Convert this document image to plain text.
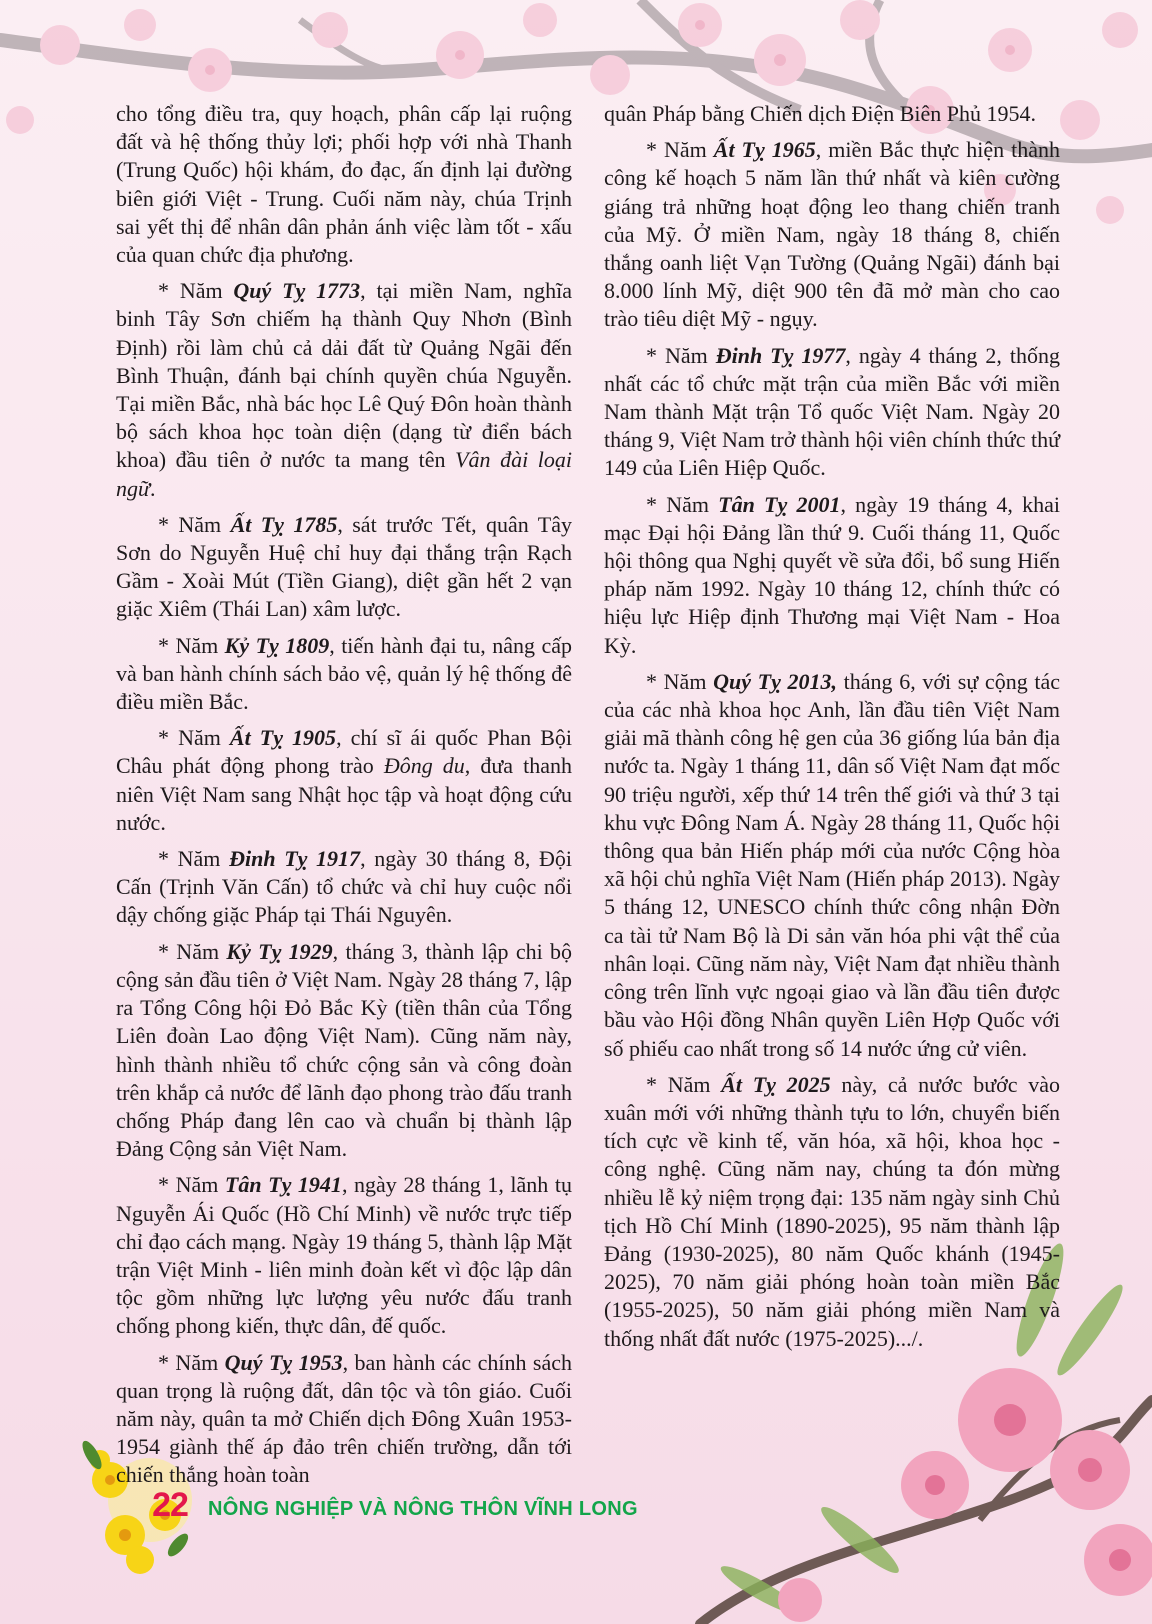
cho tổng điều tra, quy hoạch, phân cấp lại ruộng đất và hệ thống thủy lợi; phối hợp với nhà Thanh (Trung Quốc) hội khám, đo đạc, ấn định lại đường biên giới Việt - Trung. Cuối năm này, chúa Trịnh sai yết thị để nhân dân phản ánh việc làm tốt - xấu của quan chức địa phương.

* Năm Quý Tỵ 1773, tại miền Nam, nghĩa binh Tây Sơn chiếm hạ thành Quy Nhơn (Bình Định) rồi làm chủ cả dải đất từ Quảng Ngãi đến Bình Thuận, đánh bại chính quyền chúa Nguyễn. Tại miền Bắc, nhà bác học Lê Quý Đôn hoàn thành bộ sách khoa học toàn diện (dạng từ điển bách khoa) đầu tiên ở nước ta mang tên Vân đài loại ngữ.

* Năm Ất Tỵ 1785, sát trước Tết, quân Tây Sơn do Nguyễn Huệ chỉ huy đại thắng trận Rạch Gầm - Xoài Mút (Tiền Giang), diệt gần hết 2 vạn giặc Xiêm (Thái Lan) xâm lược.

* Năm Kỷ Tỵ 1809, tiến hành đại tu, nâng cấp và ban hành chính sách bảo vệ, quản lý hệ thống đê điều miền Bắc.

* Năm Ất Tỵ 1905, chí sĩ ái quốc Phan Bội Châu phát động phong trào Đông du, đưa thanh niên Việt Nam sang Nhật học tập và hoạt động cứu nước.

* Năm Đinh Tỵ 1917, ngày 30 tháng 8, Đội Cấn (Trịnh Văn Cấn) tổ chức và chỉ huy cuộc nổi dậy chống giặc Pháp tại Thái Nguyên.

* Năm Kỷ Tỵ 1929, tháng 3, thành lập chi bộ cộng sản đầu tiên ở Việt Nam. Ngày 28 tháng 7, lập ra Tổng Công hội Đỏ Bắc Kỳ (tiền thân của Tổng Liên đoàn Lao động Việt Nam). Cũng năm này, hình thành nhiều tổ chức cộng sản và công đoàn trên khắp cả nước để lãnh đạo phong trào đấu tranh chống Pháp đang lên cao và chuẩn bị thành lập Đảng Cộng sản Việt Nam.

* Năm Tân Tỵ 1941, ngày 28 tháng 1, lãnh tụ Nguyễn Ái Quốc (Hồ Chí Minh) về nước trực tiếp chỉ đạo cách mạng. Ngày 19 tháng 5, thành lập Mặt trận Việt Minh - liên minh đoàn kết vì độc lập dân tộc gồm những lực lượng yêu nước đấu tranh chống phong kiến, thực dân, đế quốc.

* Năm Quý Tỵ 1953, ban hành các chính sách quan trọng là ruộng đất, dân tộc và tôn giáo. Cuối năm này, quân ta mở Chiến dịch Đông Xuân 1953-1954 giành thế áp đảo trên chiến trường, dẫn tới chiến thắng hoàn toàn

quân Pháp bằng Chiến dịch Điện Biên Phủ 1954.

* Năm Ất Tỵ 1965, miền Bắc thực hiện thành công kế hoạch 5 năm lần thứ nhất và kiên cường giáng trả những hoạt động leo thang chiến tranh của Mỹ. Ở miền Nam, ngày 18 tháng 8, chiến thắng oanh liệt Vạn Tường (Quảng Ngãi) đánh bại 8.000 lính Mỹ, diệt 900 tên đã mở màn cho cao trào tiêu diệt Mỹ - ngụy.

* Năm Đinh Tỵ 1977, ngày 4 tháng 2, thống nhất các tổ chức mặt trận của miền Bắc với miền Nam thành Mặt trận Tổ quốc Việt Nam. Ngày 20 tháng 9, Việt Nam trở thành hội viên chính thức thứ 149 của Liên Hiệp Quốc.

* Năm Tân Tỵ 2001, ngày 19 tháng 4, khai mạc Đại hội Đảng lần thứ 9. Cuối tháng 11, Quốc hội thông qua Nghị quyết về sửa đổi, bổ sung Hiến pháp năm 1992. Ngày 10 tháng 12, chính thức có hiệu lực Hiệp định Thương mại Việt Nam - Hoa Kỳ.

* Năm Quý Tỵ 2013, tháng 6, với sự cộng tác của các nhà khoa học Anh, lần đầu tiên Việt Nam giải mã thành công hệ gen của 36 giống lúa bản địa nước ta. Ngày 1 tháng 11, dân số Việt Nam đạt mốc 90 triệu người, xếp thứ 14 trên thế giới và thứ 3 tại khu vực Đông Nam Á. Ngày 28 tháng 11, Quốc hội thông qua bản Hiến pháp mới của nước Cộng hòa xã hội chủ nghĩa Việt Nam (Hiến pháp 2013). Ngày 5 tháng 12, UNESCO chính thức công nhận Đờn ca tài tử Nam Bộ là Di sản văn hóa phi vật thể của nhân loại. Cũng năm này, Việt Nam đạt nhiều thành công trên lĩnh vực ngoại giao và lần đầu tiên được bầu vào Hội đồng Nhân quyền Liên Hợp Quốc với số phiếu cao nhất trong số 14 nước ứng cử viên.

* Năm Ất Tỵ 2025 này, cả nước bước vào xuân mới với những thành tựu to lớn, chuyển biến tích cực về kinh tế, văn hóa, xã hội, khoa học - công nghệ. Cũng năm nay, chúng ta đón mừng nhiều lễ kỷ niệm trọng đại: 135 năm ngày sinh Chủ tịch Hồ Chí Minh (1890-2025), 95 năm thành lập Đảng (1930-2025), 80 năm Quốc khánh (1945-2025), 70 năm giải phóng hoàn toàn miền Bắc (1955-2025), 50 năm giải phóng miền Nam và thống nhất đất nước (1975-2025).../.

22	NÔNG NGHIỆP VÀ NÔNG THÔN VĨNH LONG
